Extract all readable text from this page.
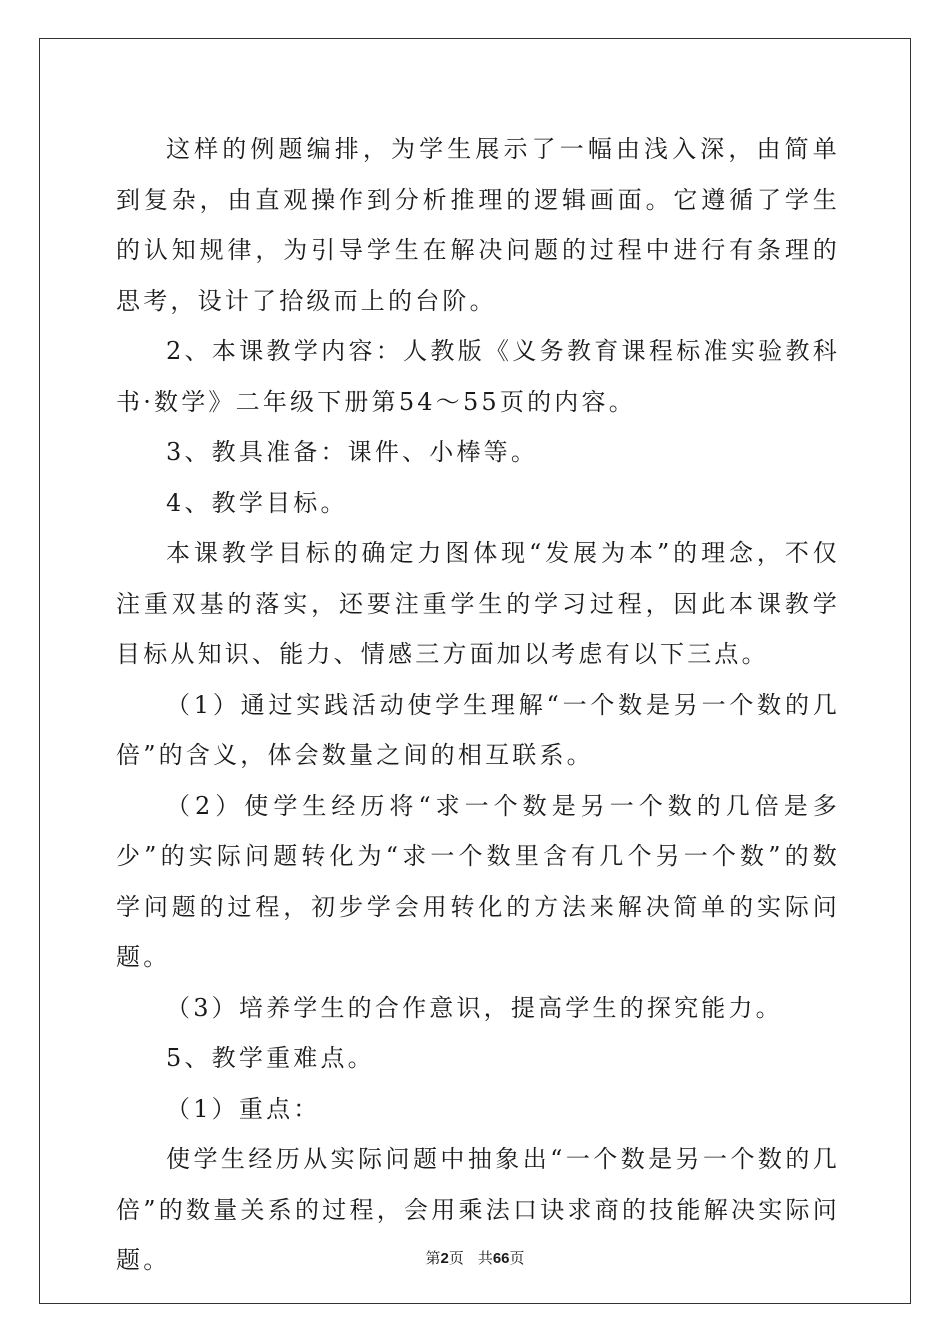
这样的例题编排，为学生展示了一幅由浅入深，由简单到复杂，由直观操作到分析推理的逻辑画面。它遵循了学生的认知规律，为引导学生在解决问题的过程中进行有条理的思考，设计了拾级而上的台阶。

2、本课教学内容：人教版《义务教育课程标准实验教科书·数学》二年级下册第54～55页的内容。

3、教具准备：课件、小棒等。

4、教学目标。

本课教学目标的确定力图体现“发展为本”的理念，不仅注重双基的落实，还要注重学生的学习过程，因此本课教学目标从知识、能力、情感三方面加以考虑有以下三点。

（1）通过实践活动使学生理解“一个数是另一个数的几倍”的含义，体会数量之间的相互联系。

（2）使学生经历将“求一个数是另一个数的几倍是多少”的实际问题转化为“求一个数里含有几个另一个数”的数学问题的过程，初步学会用转化的方法来解决简单的实际问题。

（3）培养学生的合作意识，提高学生的探究能力。

5、教学重难点。

（1）重点：

使学生经历从实际问题中抽象出“一个数是另一个数的几倍”的数量关系的过程，会用乘法口诀求商的技能解决实际问题。	第2页 共66页
